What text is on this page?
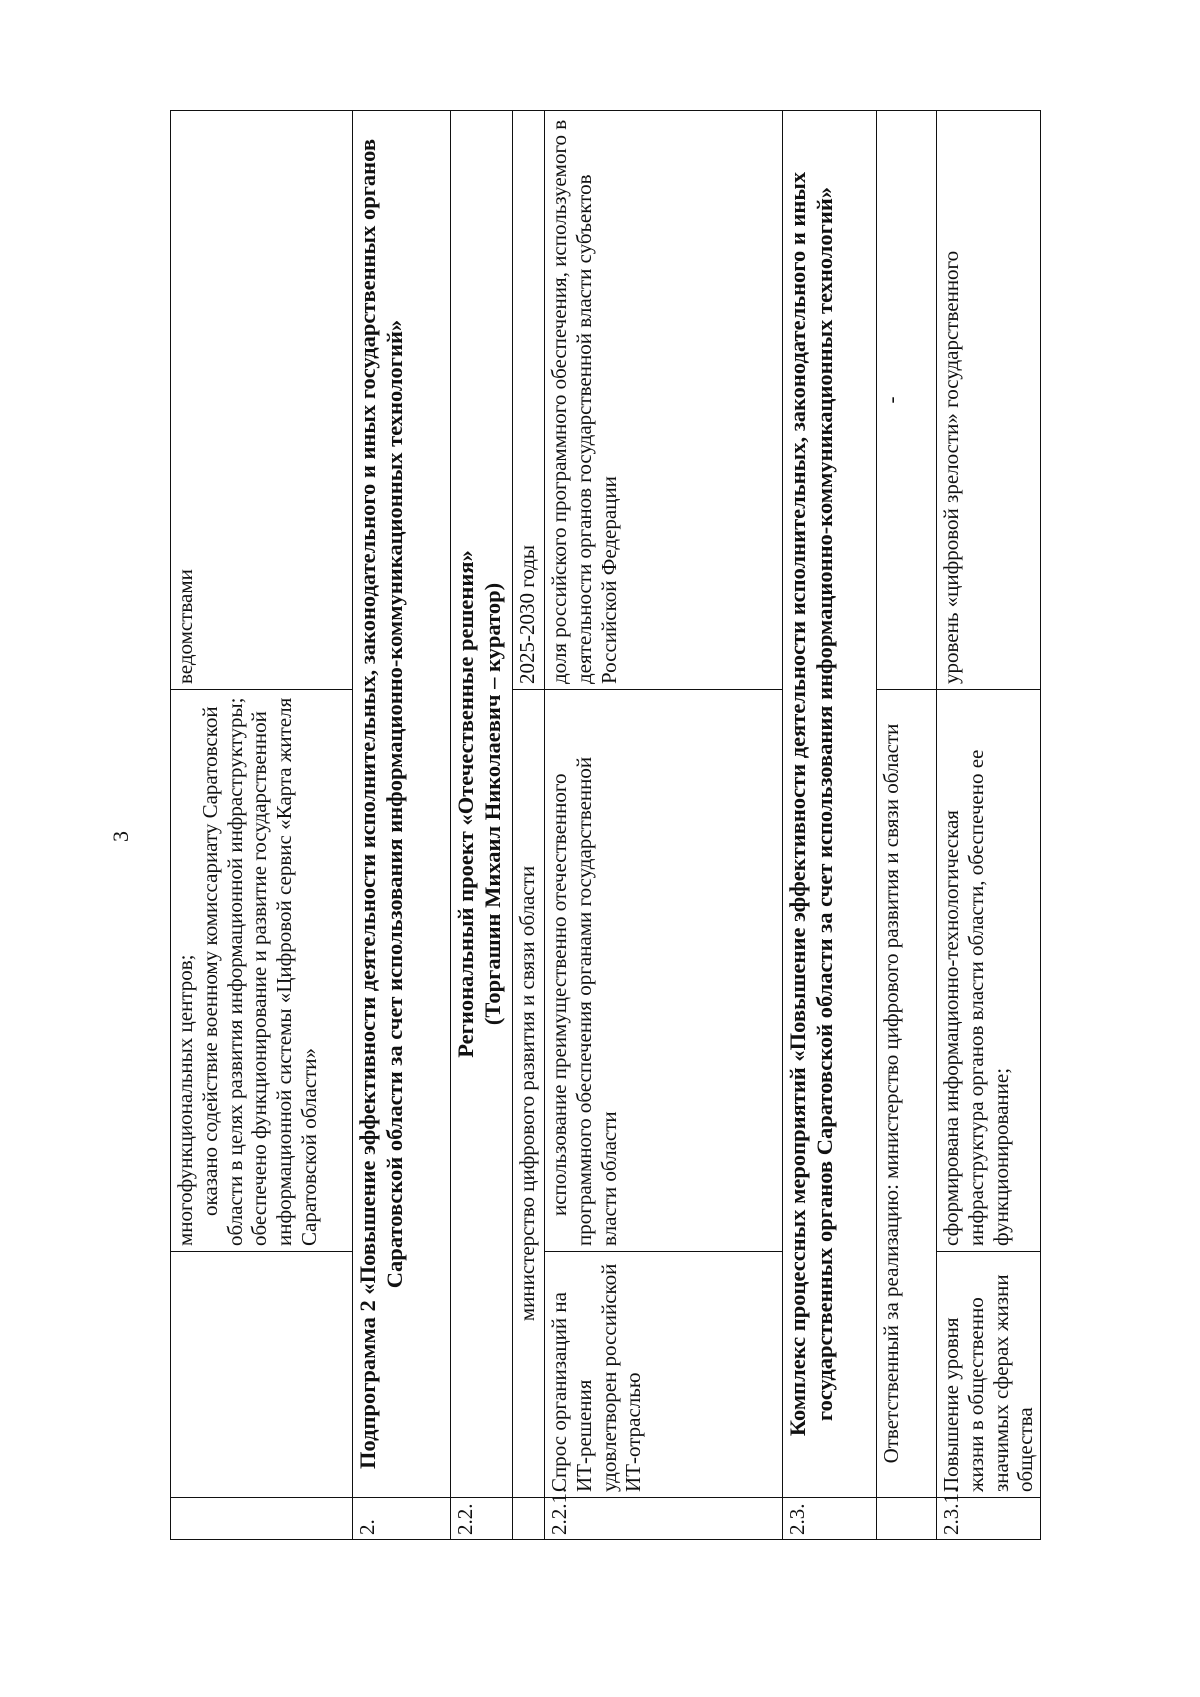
3

		многофункциональных центров; оказано содействие военному комиссариату Саратовской области в целях развития информационной инфраструктуры; обеспечено функционирование и развитие государственной информационной системы «Цифровой сервис «Карта жителя Саратовской области»	ведомствами
2.	Подпрограмма 2 «Повышение эффективности деятельности исполнительных, законодательного и иных государственных органов Саратовской области за счет использования информационно-коммуникационных технологий»		
2.2.	Региональный проект «Отечественные решения» (Торгашин Михаил Николаевич – куратор)		

	министерство цифрового развития и связи области		2025-2030 годы
2.2.1.	Спрос организаций на ИТ-решения удовлетворен российской ИТ-отраслью	использование преимущественно отечественного программного обеспечения органами государственной власти области	доля российского программного обеспечения, используемого в деятельности органов государственной власти субъектов Российской Федерации
2.3.	Комплекс процессных мероприятий «Повышение эффективности деятельности исполнительных, законодательного и иных государственных органов Саратовской области за счет использования информационно-коммуникационных технологий»		
	Ответственный за реализацию: министерство цифрового развития и связи области		-
2.3.1.	Повышение уровня жизни в общественно значимых сферах жизни общества	сформирована информационно-технологическая инфраструктура органов власти области, обеспечено ее функционирование;	уровень «цифровой зрелости» государственного
